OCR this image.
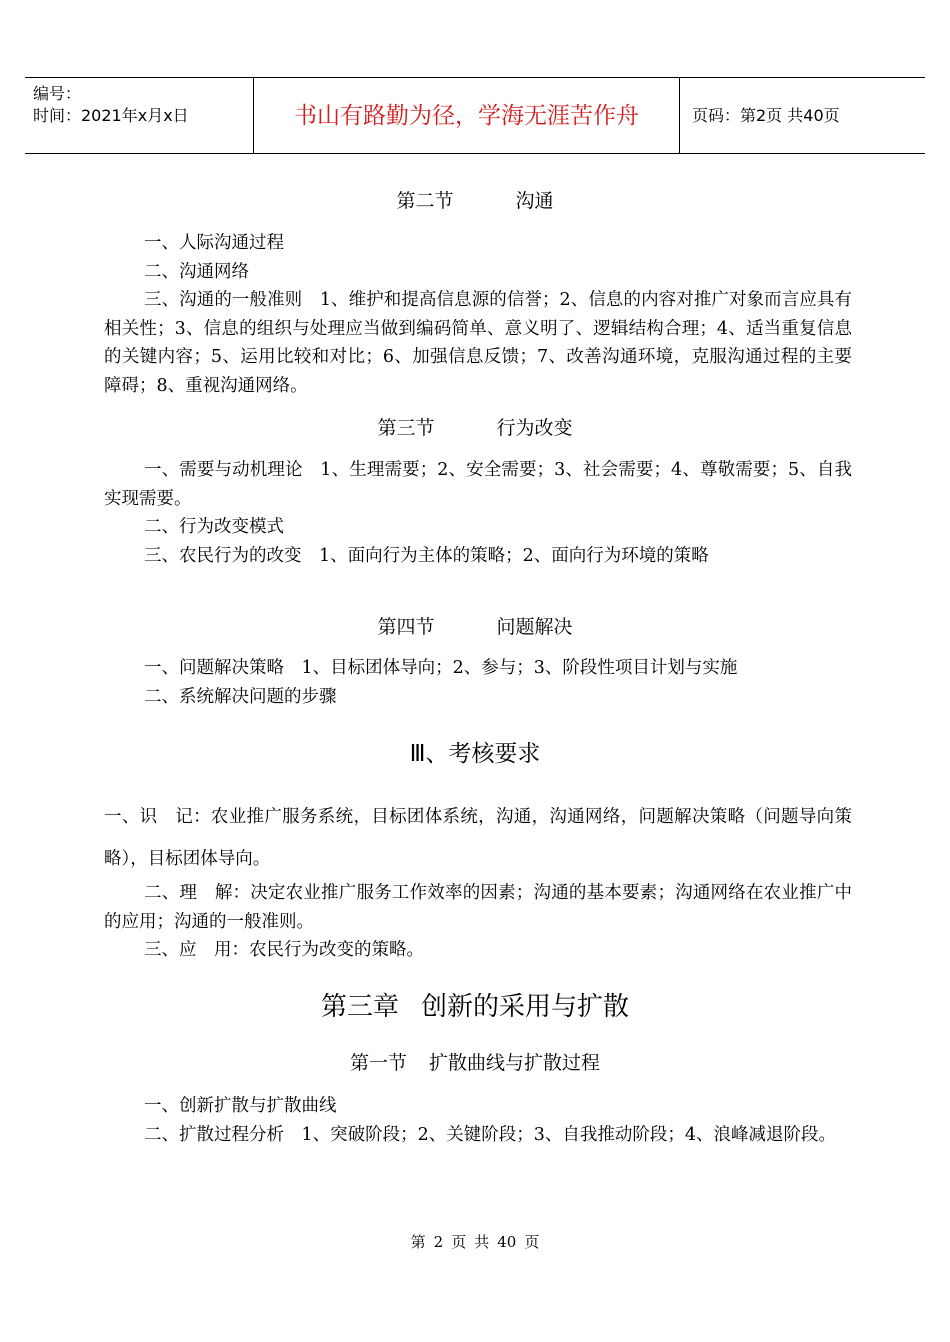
编号：
时间：2021年x月x日	书山有路勤为径，学海无涯苦作舟	页码：第2页 共40页
第二节	沟通

一、人际沟通过程

二、沟通网络

三、沟通的一般准则　1、维护和提高信息源的信誉；2、信息的内容对推广对象而言应具有相关性；3、信息的组织与处理应当做到编码简单、意义明了、逻辑结构合理；4、适当重复信息的关键内容；5、运用比较和对比；6、加强信息反馈；7、改善沟通环境，克服沟通过程的主要障碍；8、重视沟通网络。

第三节	行为改变

一、需要与动机理论　1、生理需要；2、安全需要；3、社会需要；4、尊敬需要；5、自我实现需要。

二、行为改变模式

三、农民行为的改变　1、面向行为主体的策略；2、面向行为环境的策略

第四节	问题解决

一、问题解决策略　1、目标团体导向；2、参与；3、阶段性项目计划与实施

二、系统解决问题的步骤

Ⅲ、考核要求

一、识　记：农业推广服务系统，目标团体系统，沟通，沟通网络，问题解决策略（问题导向策略），目标团体导向。

二、理　解：决定农业推广服务工作效率的因素；沟通的基本要素；沟通网络在农业推广中的应用；沟通的一般准则。

三、应　用：农民行为改变的策略。

第三章 创新的采用与扩散
第一节 扩散曲线与扩散过程

一、创新扩散与扩散曲线

二、扩散过程分析　1、突破阶段；2、关键阶段；3、自我推动阶段；4、浪峰减退阶段。

第 2 页 共 40 页
